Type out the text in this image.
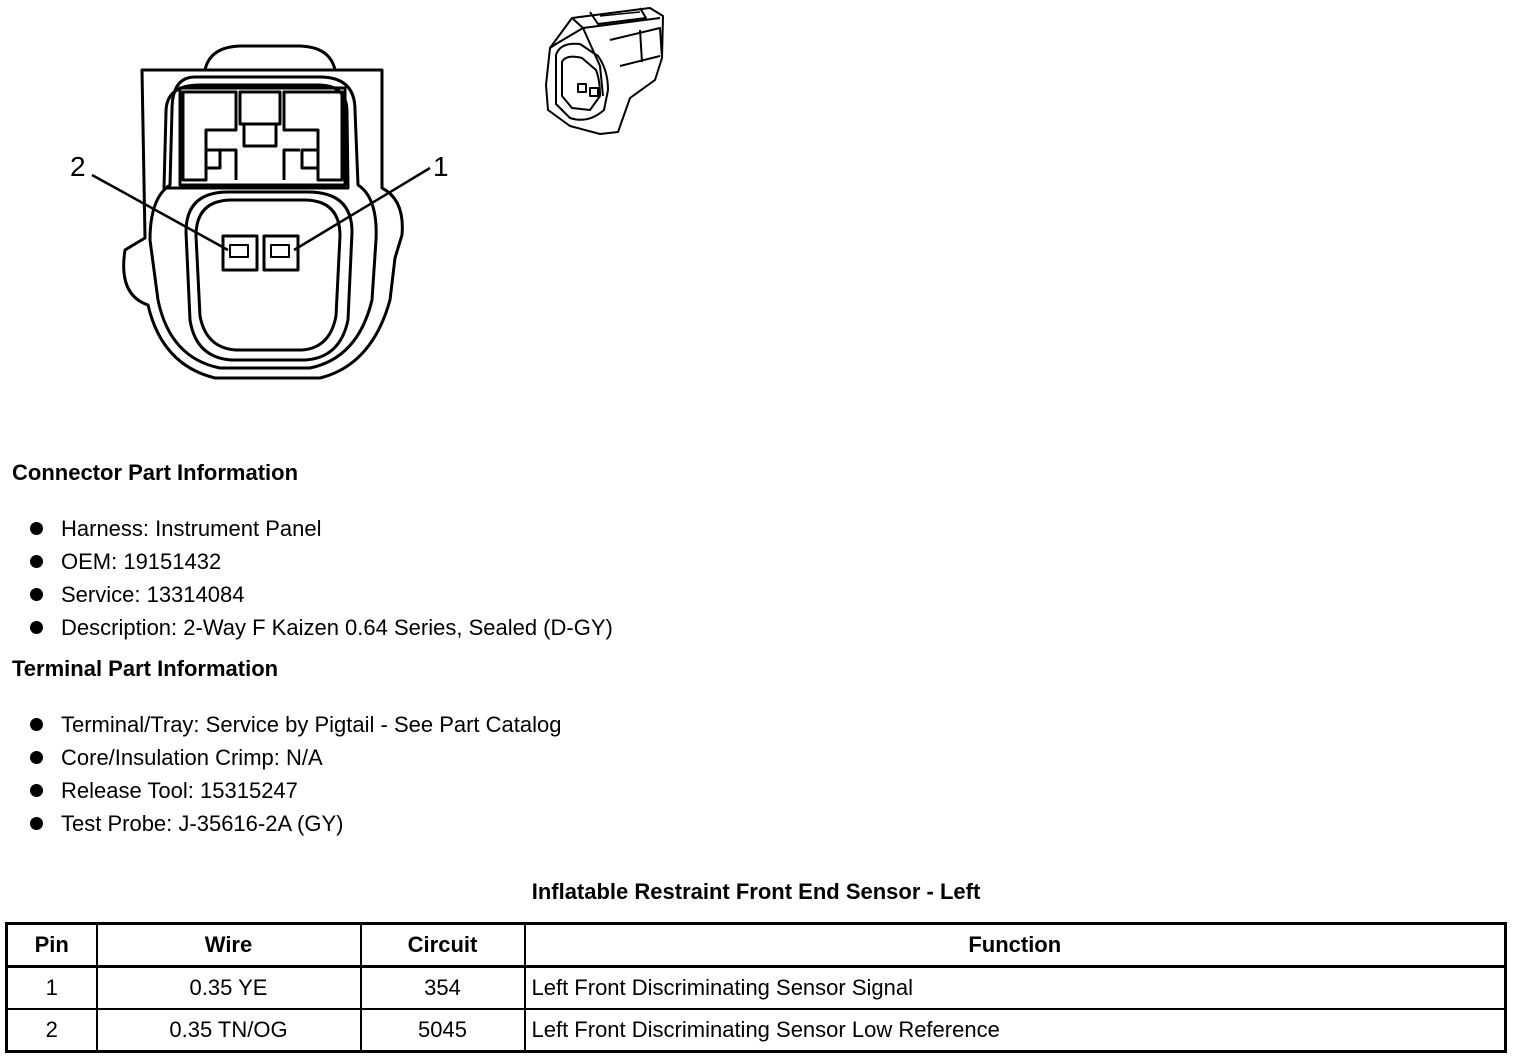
2	1
Connector Part Information
Harness: Instrument Panel
OEM: 19151432
Service: 13314084
Description: 2-Way F Kaizen 0.64 Series, Sealed (D-GY)
Terminal Part Information
Terminal/Tray: Service by Pigtail - See Part Catalog
Core/Insulation Crimp: N/A
Release Tool: 15315247
Test Probe: J-35616-2A (GY)
Inflatable Restraint Front End Sensor - Left
Pin	Wire	Circuit	Function
1	0.35 YE	354	Left Front Discriminating Sensor Signal
2	0.35 TN/OG	5045	Left Front Discriminating Sensor Low Reference
